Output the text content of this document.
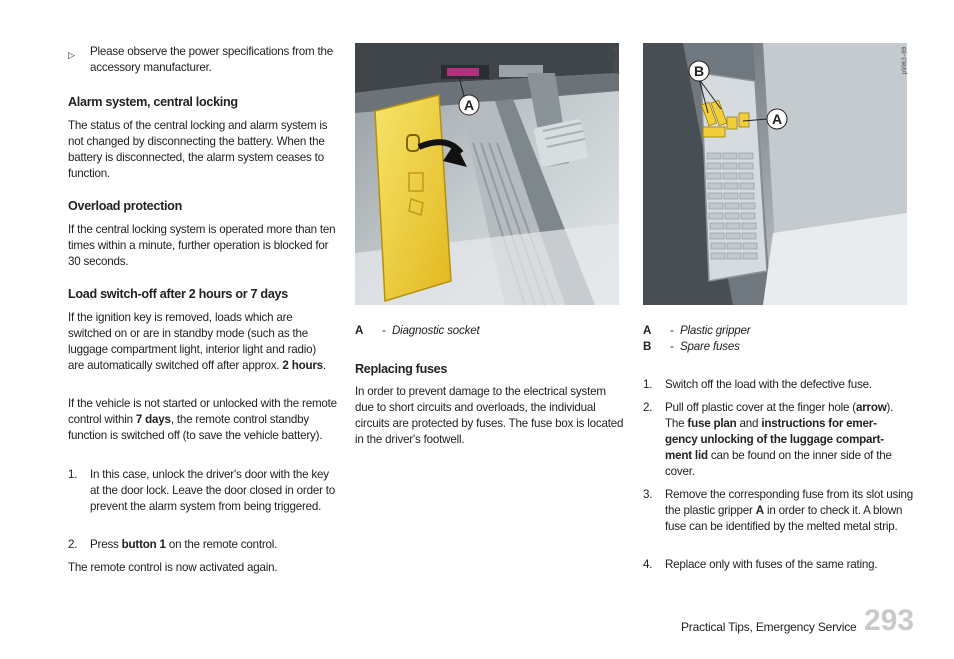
▷ Please observe the power specifications from the accessory manufacturer.

Alarm system, central locking

The status of the central locking and alarm system is not changed by disconnecting the battery. When the battery is disconnected, the alarm system ceases to function.

Overload protection

If the central locking system is operated more than ten times within a minute, further operation is blocked for 30 seconds.

Load switch-off after 2 hours or 7 days

If the ignition key is removed, loads which are switched on or are in standby mode (such as the luggage compartment light, interior light and radio) are automatically switched off after approx. 2 hours.

If the vehicle is not started or unlocked with the remote control within 7 days, the remote control standby function is switched off (to save the vehicle battery).

1. In this case, unlock the driver's door with the key at the door lock. Leave the door closed in order to prevent the alarm system from being triggered.

2. Press button 1 on the remote control.

The remote control is now activated again.

A
p9961-00
A - Diagnostic socket
Replacing fuses

In order to prevent damage to the electrical system due to short circuits and overloads, the individual circuits are protected by fuses. The fuse box is located in the driver's footwell.

B
A
p9963-00
A - Plastic gripper
B - Spare fuses
1. Switch off the load with the defective fuse.

2. Pull off plastic cover at the finger hole (arrow).
The fuse plan and instructions for emer-
gency unlocking of the luggage compart-
ment lid can be found on the inner side of the
cover.

3. Remove the corresponding fuse from its slot using the plastic gripper A in order to check it. A blown fuse can be identified by the melted metal strip.

4. Replace only with fuses of the same rating.

Practical Tips, Emergency Service 293
